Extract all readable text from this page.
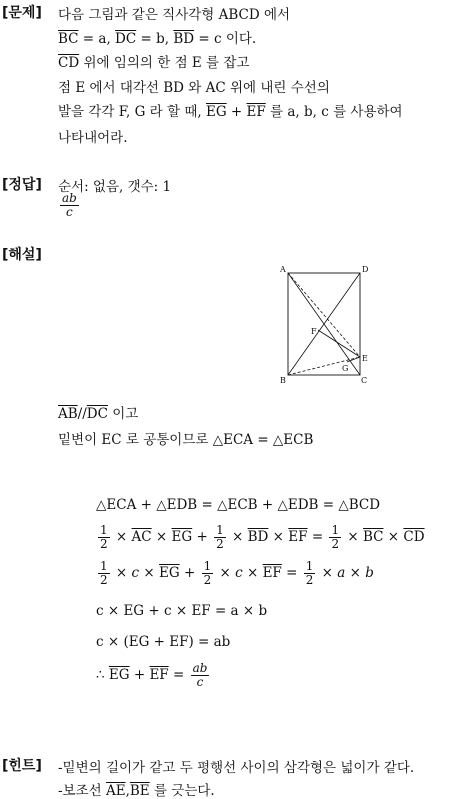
[문제] 다음 그림과 같은 직사각형 ABCD 에서
$\overline{BC} = a$, $\overline{DC} = b$, $\overline{BD} = c$ 이다.
$\overline{CD}$ 위에 임의의 한 점 E 를 잡고
점 E 에서 대각선 BD 와 AC 위에 내린 수선의
발을 각각 F, G 라 할 때, $\overline{EG} + \overline{EF}$ 를 a, b, c 를 사용하여
나타내어라.
[정답] 순서: 없음, 갯수: 1
$\frac{ab}{c}$
[해설]
A	D
B	C
E
F
G
$\overline{AB}//\overline{DC}$ 이고
밑변이 EC 로 공통이므로 △ECA = △ECB
△ECA + △EDB = △ECB + △EDB = △BCD
$\frac{1}{2} \times \overline{AC} \times \overline{EG} + \frac{1}{2} \times \overline{BD} \times \overline{EF} = \frac{1}{2} \times \overline{BC} \times \overline{CD}$
$\frac{1}{2} \times c \times \overline{EG} + \frac{1}{2} \times c \times \overline{EF} = \frac{1}{2} \times a \times b$
c × EG + c × EF = a × b
c × (EG + EF) = ab
∴ $\overline{EG} + \overline{EF} = \frac{ab}{c}$
[힌트] -밑변의 길이가 같고 두 평행선 사이의 삼각형은 넓이가 같다.
-보조선 $\overline{AE},\overline{BE}$ 를 긋는다.
